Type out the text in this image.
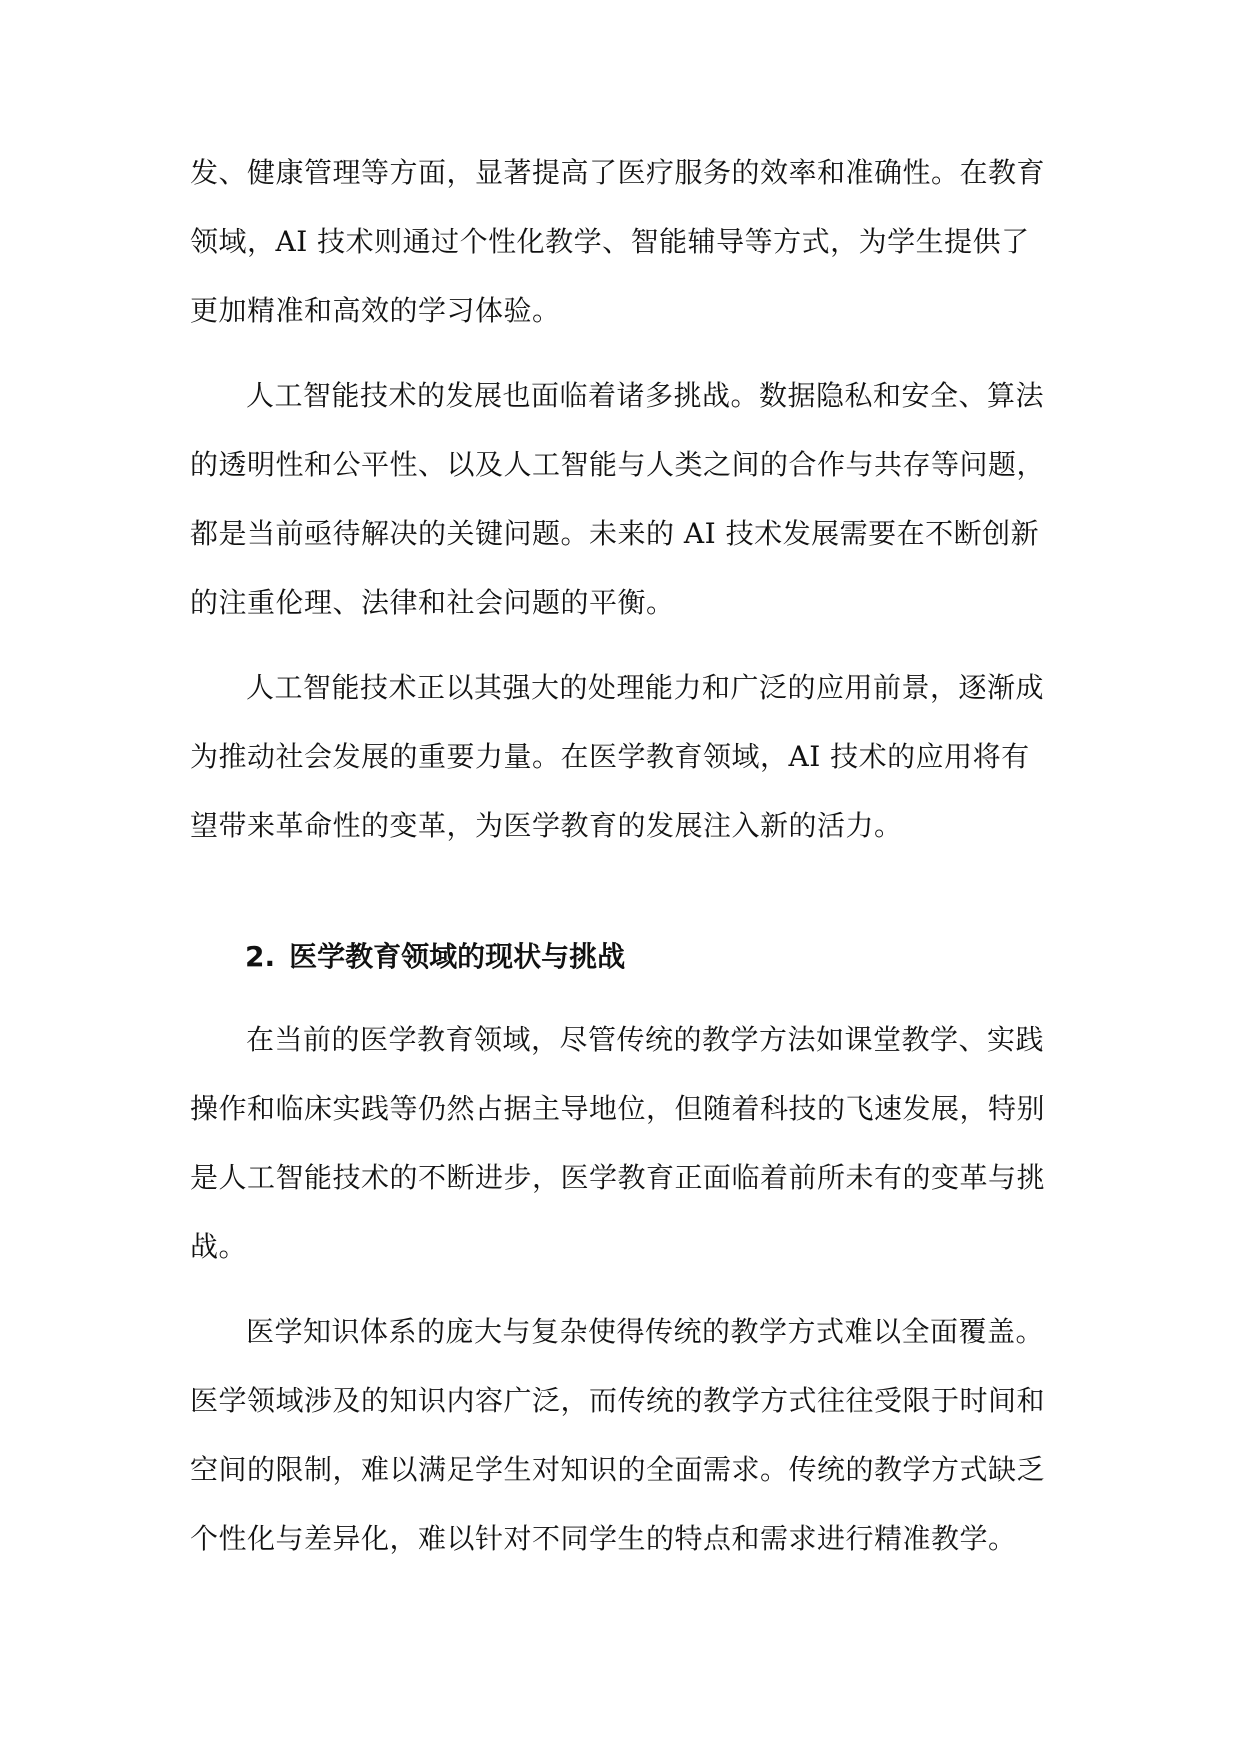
发、健康管理等方面，显著提高了医疗服务的效率和准确性。在教育
领域，AI 技术则通过个性化教学、智能辅导等方式，为学生提供了
更加精准和高效的学习体验。
人工智能技术的发展也面临着诸多挑战。数据隐私和安全、算法
的透明性和公平性、以及人工智能与人类之间的合作与共存等问题，
都是当前亟待解决的关键问题。未来的 AI 技术发展需要在不断创新
的注重伦理、法律和社会问题的平衡。
人工智能技术正以其强大的处理能力和广泛的应用前景，逐渐成
为推动社会发展的重要力量。在医学教育领域，AI 技术的应用将有
望带来革命性的变革，为医学教育的发展注入新的活力。
2. 医学教育领域的现状与挑战
在当前的医学教育领域，尽管传统的教学方法如课堂教学、实践
操作和临床实践等仍然占据主导地位，但随着科技的飞速发展，特别
是人工智能技术的不断进步，医学教育正面临着前所未有的变革与挑
战。
医学知识体系的庞大与复杂使得传统的教学方式难以全面覆盖。
医学领域涉及的知识内容广泛，而传统的教学方式往往受限于时间和
空间的限制，难以满足学生对知识的全面需求。传统的教学方式缺乏
个性化与差异化，难以针对不同学生的特点和需求进行精准教学。
